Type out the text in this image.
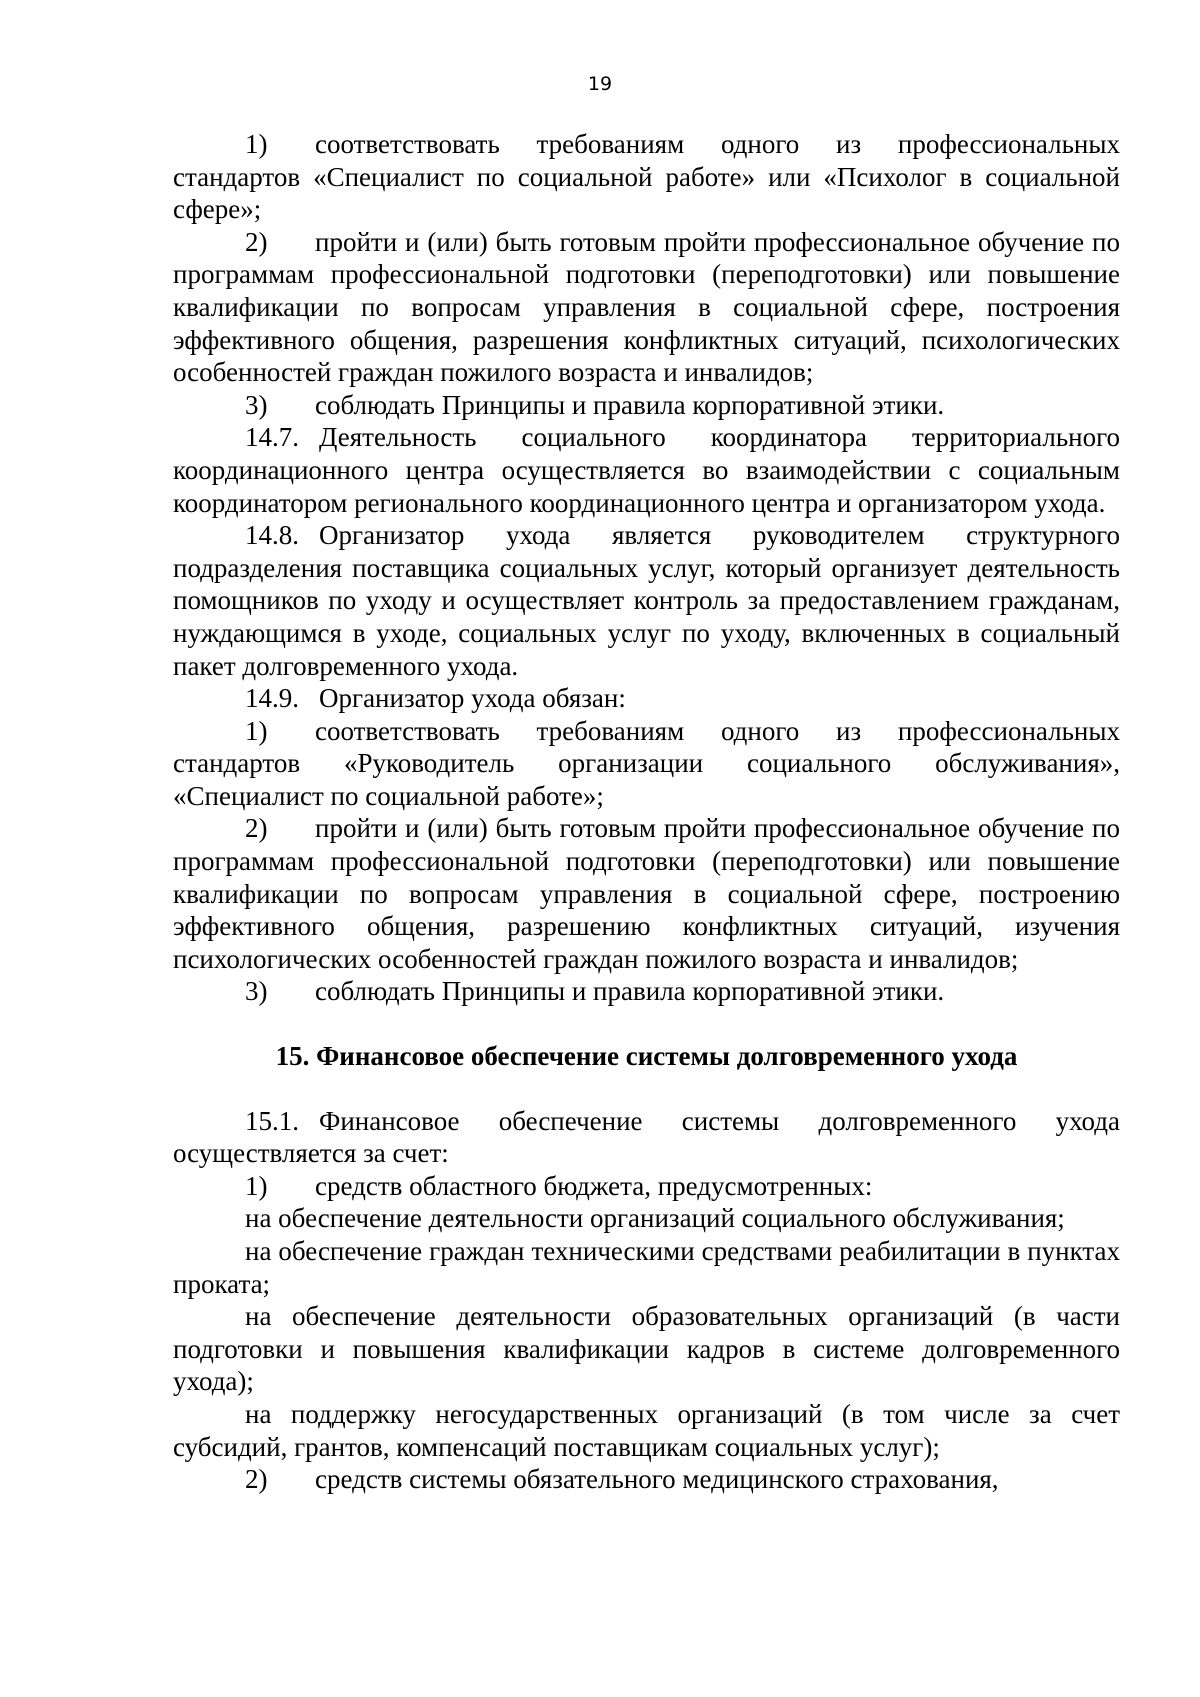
19

1) соответствовать требованиям одного из профессиональных стандартов «Специалист по социальной работе» или «Психолог в социальной сфере»;

2) пройти и (или) быть готовым пройти профессиональное обучение по программам профессиональной подготовки (переподготовки) или повышение квалификации по вопросам управления в социальной сфере, построения эффективного общения, разрешения конфликтных ситуаций, психологических особенностей граждан пожилого возраста и инвалидов;

3) соблюдать Принципы и правила корпоративной этики.

14.7. Деятельность социального координатора территориального координационного центра осуществляется во взаимодействии с социальным координатором регионального координационного центра и организатором ухода.

14.8. Организатор ухода является руководителем структурного подразделения поставщика социальных услуг, который организует деятельность помощников по уходу и осуществляет контроль за предоставлением гражданам, нуждающимся в уходе, социальных услуг по уходу, включенных в социальный пакет долговременного ухода.

14.9. Организатор ухода обязан:

1) соответствовать требованиям одного из профессиональных стандартов «Руководитель организации социального обслуживания», «Специалист по социальной работе»;

2) пройти и (или) быть готовым пройти профессиональное обучение по программам профессиональной подготовки (переподготовки) или повышение квалификации по вопросам управления в социальной сфере, построению эффективного общения, разрешению конфликтных ситуаций, изучения психологических особенностей граждан пожилого возраста и инвалидов;

3) соблюдать Принципы и правила корпоративной этики.

15. Финансовое обеспечение системы долговременного ухода

15.1. Финансовое обеспечение системы долговременного ухода осуществляется за счет:

1) средств областного бюджета, предусмотренных:

на обеспечение деятельности организаций социального обслуживания;

на обеспечение граждан техническими средствами реабилитации в пунктах проката;

на обеспечение деятельности образовательных организаций (в части подготовки и повышения квалификации кадров в системе долговременного ухода);

на поддержку негосударственных организаций (в том числе за счет субсидий, грантов, компенсаций поставщикам социальных услуг);

2) средств системы обязательного медицинского страхования,
